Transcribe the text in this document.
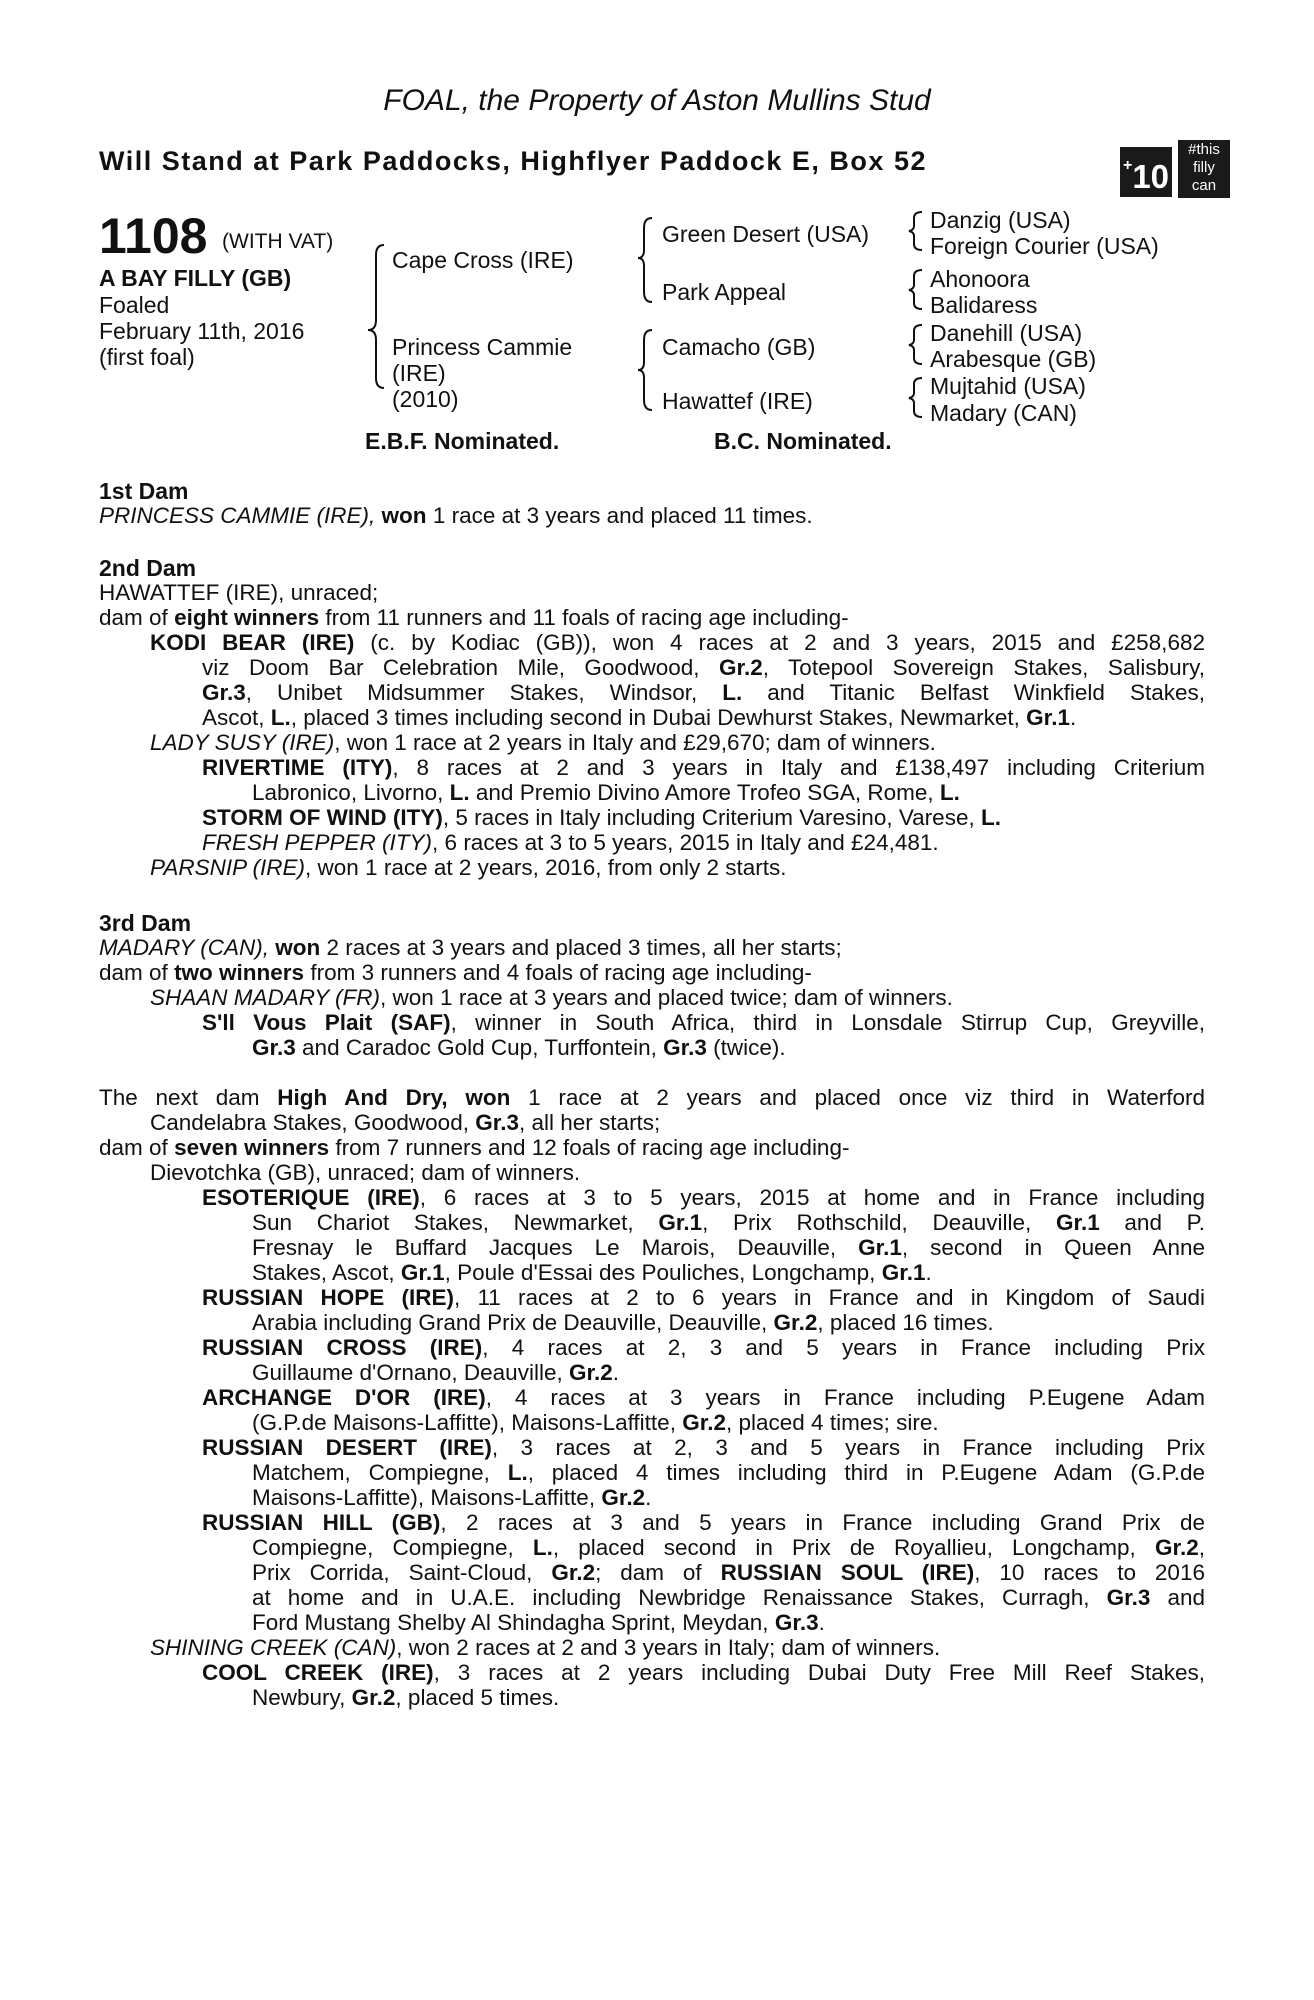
FOAL, the Property of Aston Mullins Stud
Will Stand at Park Paddocks, Highflyer Paddock E, Box 52	+10
#this
filly
can
1108 (WITH VAT)
A BAY FILLY (GB)
Foaled
February 11th, 2016
(first foal)
Cape Cross (IRE)
Princess Cammie
(IRE)
(2010)
Green Desert (USA)
Park Appeal
Camacho (GB)
Hawattef (IRE)
Danzig (USA)
Foreign Courier (USA)
Ahonoora
Balidaress
Danehill (USA)
Arabesque (GB)
Mujtahid (USA)
Madary (CAN)
E.B.F. Nominated.	B.C. Nominated.
1st Dam
PRINCESS CAMMIE (IRE), won 1 race at 3 years and placed 11 times.
2nd Dam
HAWATTEF (IRE), unraced;
dam of eight winners from 11 runners and 11 foals of racing age including-
KODI BEAR (IRE) (c. by Kodiac (GB)), won 4 races at 2 and 3 years, 2015 and £258,682
viz Doom Bar Celebration Mile, Goodwood, Gr.2, Totepool Sovereign Stakes, Salisbury,
Gr.3, Unibet Midsummer Stakes, Windsor, L. and Titanic Belfast Winkfield Stakes,
Ascot, L., placed 3 times including second in Dubai Dewhurst Stakes, Newmarket, Gr.1.
LADY SUSY (IRE), won 1 race at 2 years in Italy and £29,670; dam of winners.
RIVERTIME (ITY), 8 races at 2 and 3 years in Italy and £138,497 including Criterium
Labronico, Livorno, L. and Premio Divino Amore Trofeo SGA, Rome, L.
STORM OF WIND (ITY), 5 races in Italy including Criterium Varesino, Varese, L.
FRESH PEPPER (ITY), 6 races at 3 to 5 years, 2015 in Italy and £24,481.
PARSNIP (IRE), won 1 race at 2 years, 2016, from only 2 starts.
3rd Dam
MADARY (CAN), won 2 races at 3 years and placed 3 times, all her starts;
dam of two winners from 3 runners and 4 foals of racing age including-
SHAAN MADARY (FR), won 1 race at 3 years and placed twice; dam of winners.
S'll Vous Plait (SAF), winner in South Africa, third in Lonsdale Stirrup Cup, Greyville,
Gr.3 and Caradoc Gold Cup, Turffontein, Gr.3 (twice).
The next dam High And Dry, won 1 race at 2 years and placed once viz third in Waterford
Candelabra Stakes, Goodwood, Gr.3, all her starts;
dam of seven winners from 7 runners and 12 foals of racing age including-
Dievotchka (GB), unraced; dam of winners.
ESOTERIQUE (IRE), 6 races at 3 to 5 years, 2015 at home and in France including
Sun Chariot Stakes, Newmarket, Gr.1, Prix Rothschild, Deauville, Gr.1 and P.
Fresnay le Buffard Jacques Le Marois, Deauville, Gr.1, second in Queen Anne
Stakes, Ascot, Gr.1, Poule d'Essai des Pouliches, Longchamp, Gr.1.
RUSSIAN HOPE (IRE), 11 races at 2 to 6 years in France and in Kingdom of Saudi
Arabia including Grand Prix de Deauville, Deauville, Gr.2, placed 16 times.
RUSSIAN CROSS (IRE), 4 races at 2, 3 and 5 years in France including Prix
Guillaume d'Ornano, Deauville, Gr.2.
ARCHANGE D'OR (IRE), 4 races at 3 years in France including P.Eugene Adam
(G.P.de Maisons-Laffitte), Maisons-Laffitte, Gr.2, placed 4 times; sire.
RUSSIAN DESERT (IRE), 3 races at 2, 3 and 5 years in France including Prix
Matchem, Compiegne, L., placed 4 times including third in P.Eugene Adam (G.P.de
Maisons-Laffitte), Maisons-Laffitte, Gr.2.
RUSSIAN HILL (GB), 2 races at 3 and 5 years in France including Grand Prix de
Compiegne, Compiegne, L., placed second in Prix de Royallieu, Longchamp, Gr.2,
Prix Corrida, Saint-Cloud, Gr.2; dam of RUSSIAN SOUL (IRE), 10 races to 2016
at home and in U.A.E. including Newbridge Renaissance Stakes, Curragh, Gr.3 and
Ford Mustang Shelby Al Shindagha Sprint, Meydan, Gr.3.
SHINING CREEK (CAN), won 2 races at 2 and 3 years in Italy; dam of winners.
COOL CREEK (IRE), 3 races at 2 years including Dubai Duty Free Mill Reef Stakes,
Newbury, Gr.2, placed 5 times.
